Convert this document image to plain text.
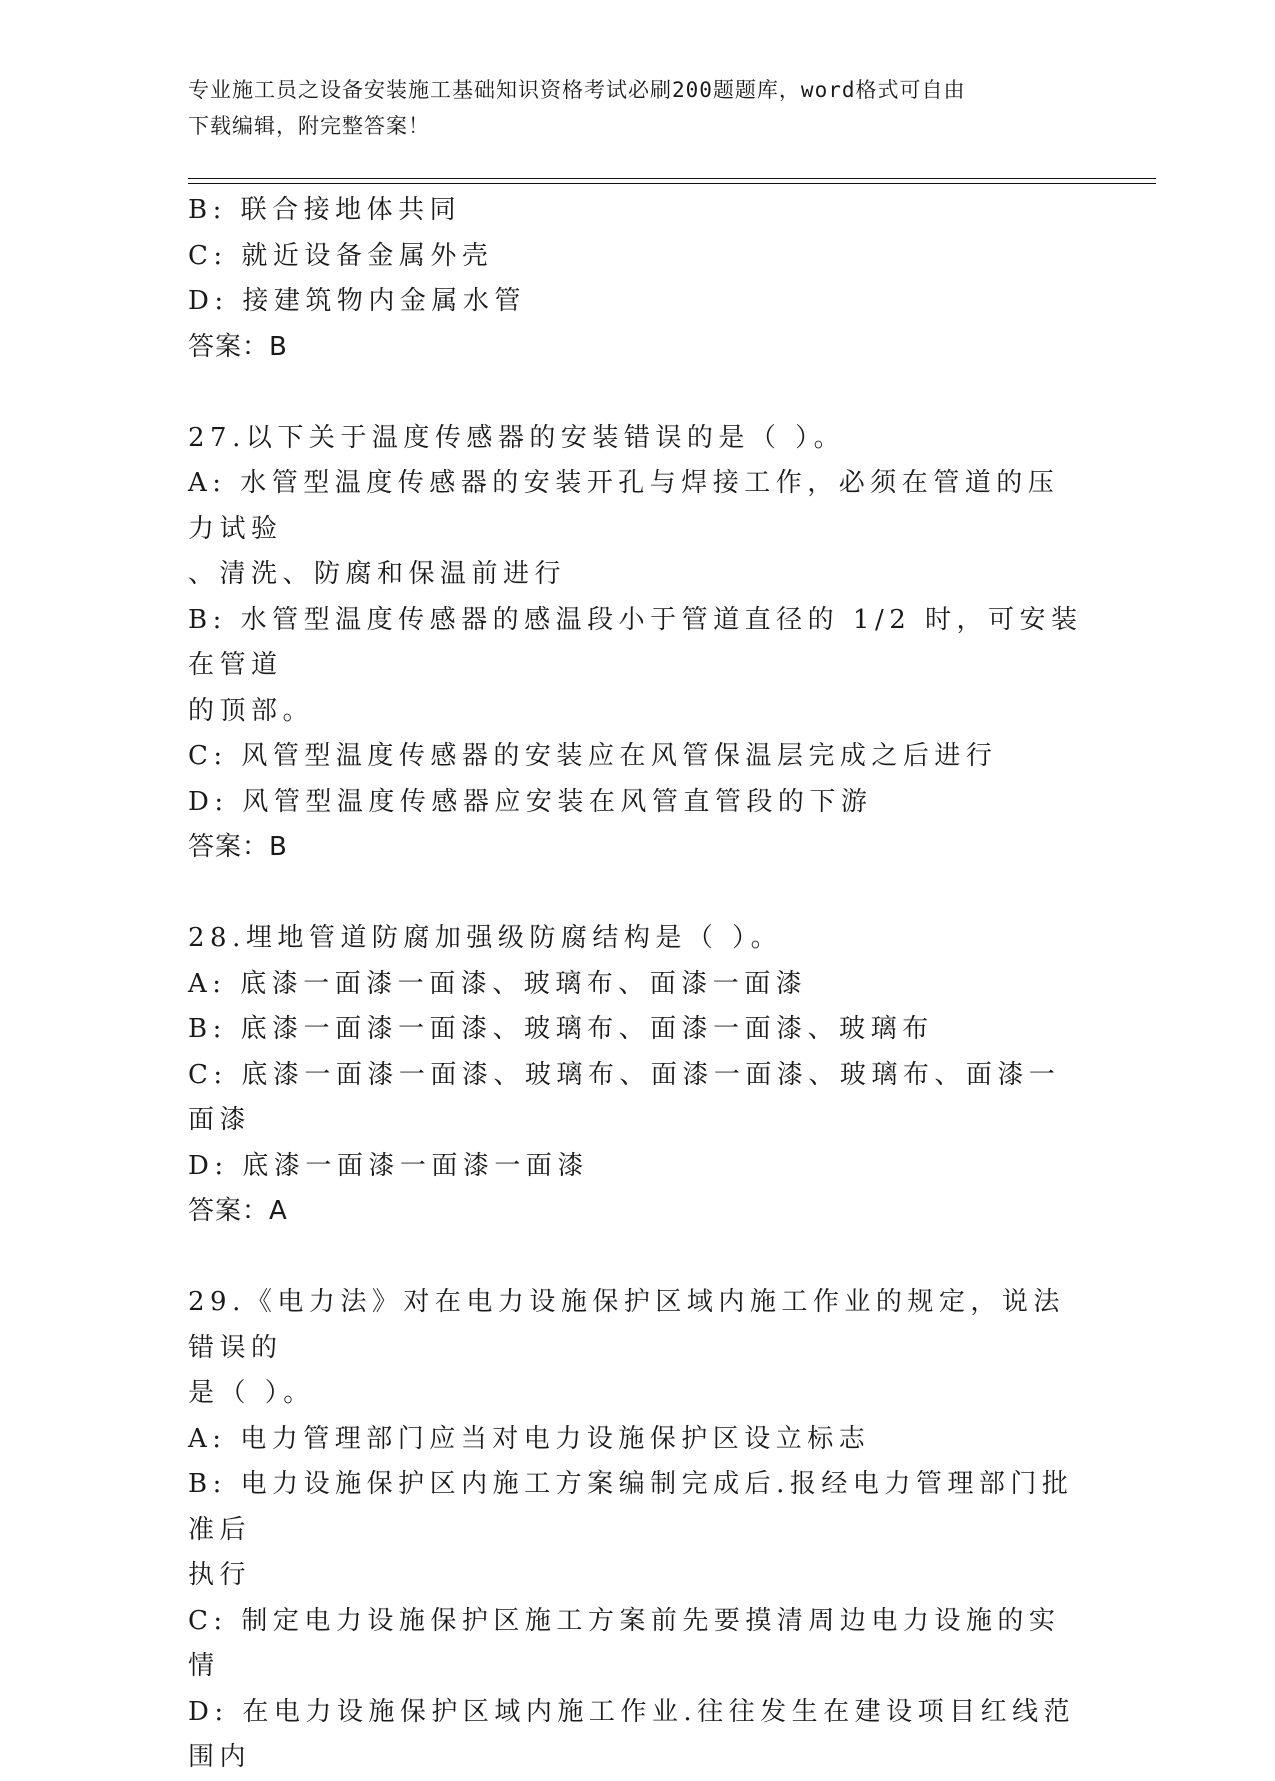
专业施工员之设备安装施工基础知识资格考试必刷200题题库，word格式可自由
下载编辑，附完整答案！
B: 联合接地体共同
C: 就近设备金属外壳
D: 接建筑物内金属水管
答案：B
27.以下关于温度传感器的安装错误的是（ ）。
A: 水管型温度传感器的安装开孔与焊接工作，必须在管道的压力试验
、清洗、防腐和保温前进行
B: 水管型温度传感器的感温段小于管道直径的 1/2 时，可安装在管道
的顶部。
C: 风管型温度传感器的安装应在风管保温层完成之后进行
D: 风管型温度传感器应安装在风管直管段的下游
答案：B
28.埋地管道防腐加强级防腐结构是（ ）。
A: 底漆一面漆一面漆、玻璃布、面漆一面漆
B: 底漆一面漆一面漆、玻璃布、面漆一面漆、玻璃布
C: 底漆一面漆一面漆、玻璃布、面漆一面漆、玻璃布、面漆一面漆
D: 底漆一面漆一面漆一面漆
答案：A
29.《电力法》对在电力设施保护区域内施工作业的规定，说法错误的
是（ ）。
A: 电力管理部门应当对电力设施保护区设立标志
B: 电力设施保护区内施工方案编制完成后.报经电力管理部门批准后
执行
C: 制定电力设施保护区施工方案前先要摸清周边电力设施的实情
D: 在电力设施保护区域内施工作业.往往发生在建设项目红线范围内
